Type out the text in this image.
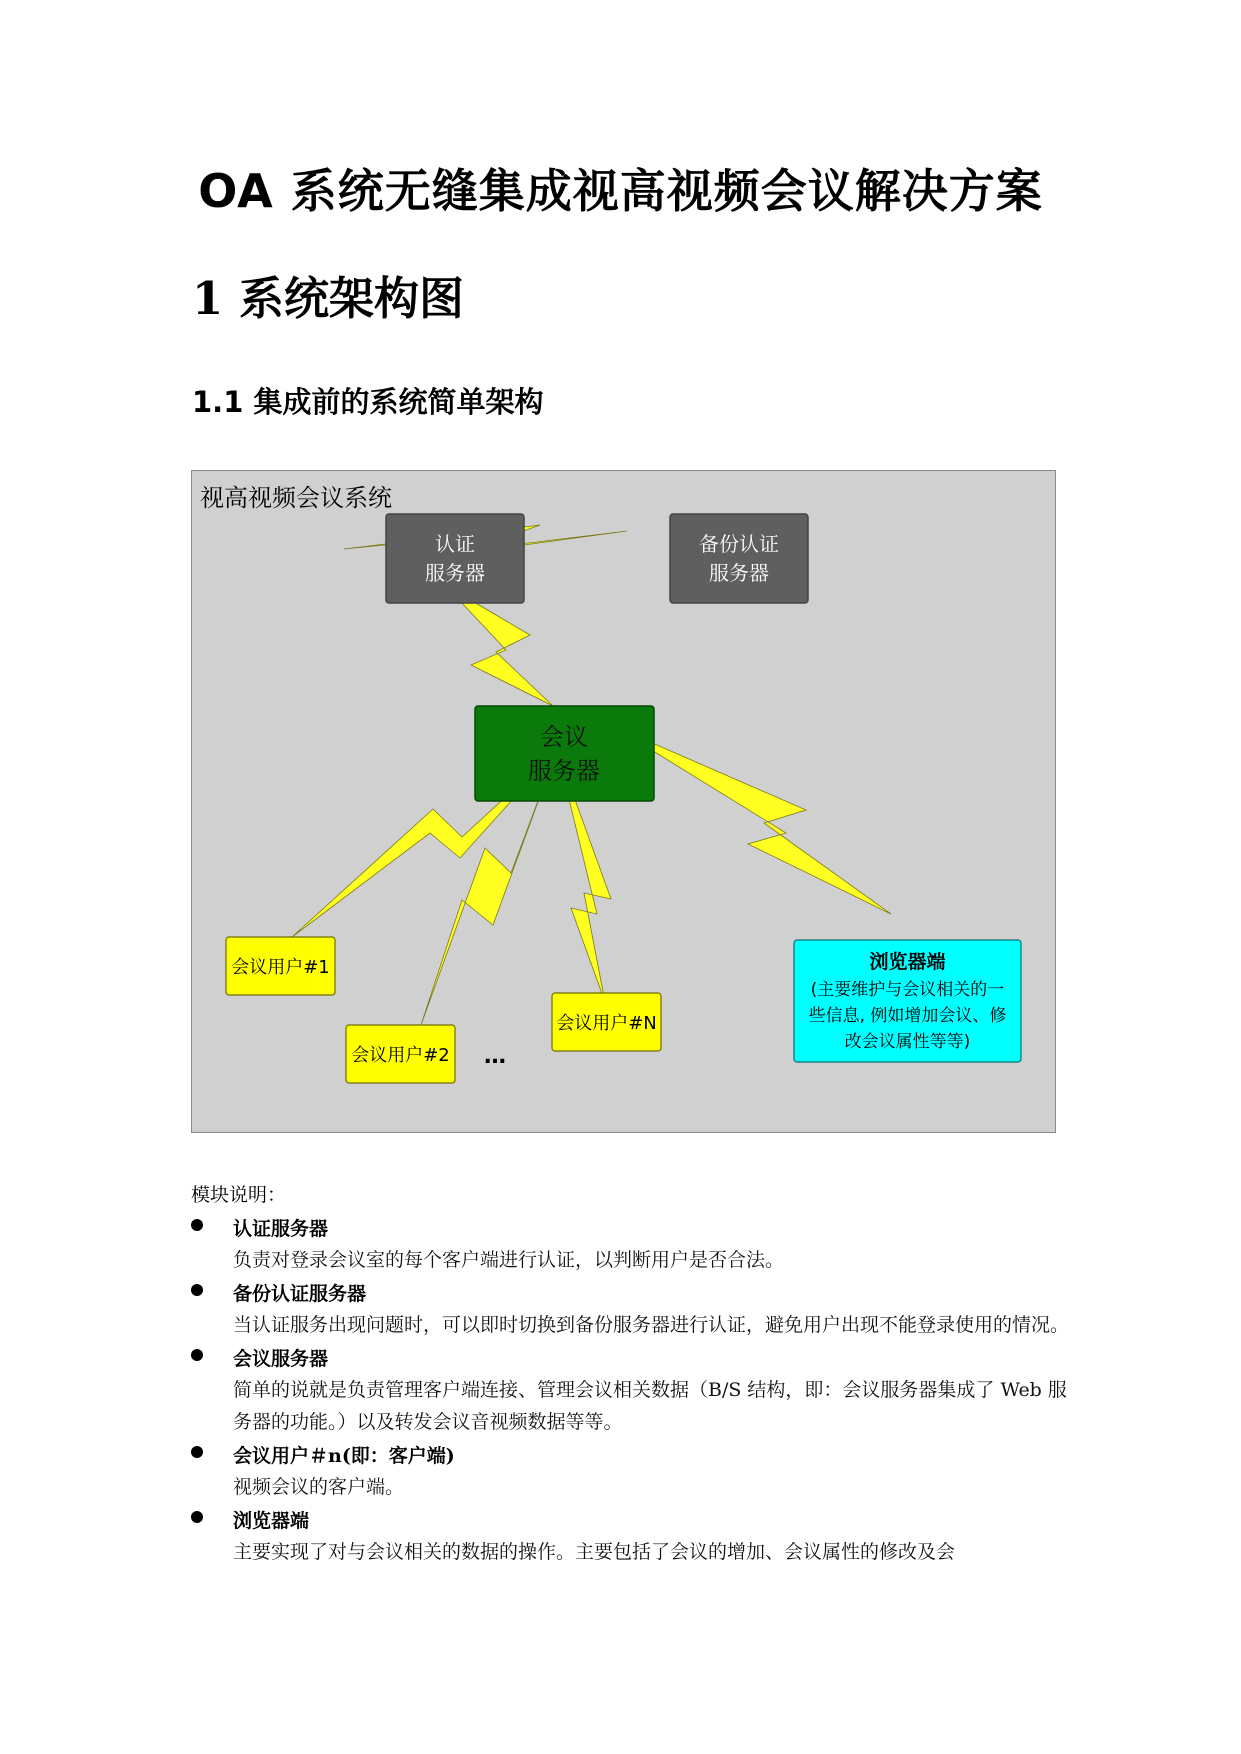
OA 系统无缝集成视高视频会议解决方案
1 系统架构图
1.1 集成前的系统简单架构
视高视频会议系统
认证
服务器
备份认证
服务器
会议
服务器
会议用户#1
会议用户#2 …
会议用户#N
浏览器端
(主要维护与会议相关的一
些信息, 例如增加会议、修
改会议属性等等)

模块说明：

认证服务器
负责对登录会议室的每个客户端进行认证，以判断用户是否合法。
备份认证服务器
当认证服务出现问题时，可以即时切换到备份服务器进行认证，避免用户出现不能登录使用的情况。
会议服务器
简单的说就是负责管理客户端连接、管理会议相关数据（B/S 结构，即：会议服务器集成了 Web 服务器的功能。）以及转发会议音视频数据等等。
会议用户＃n(即：客户端)
视频会议的客户端。
浏览器端
主要实现了对与会议相关的数据的操作。主要包括了会议的增加、会议属性的修改及会
